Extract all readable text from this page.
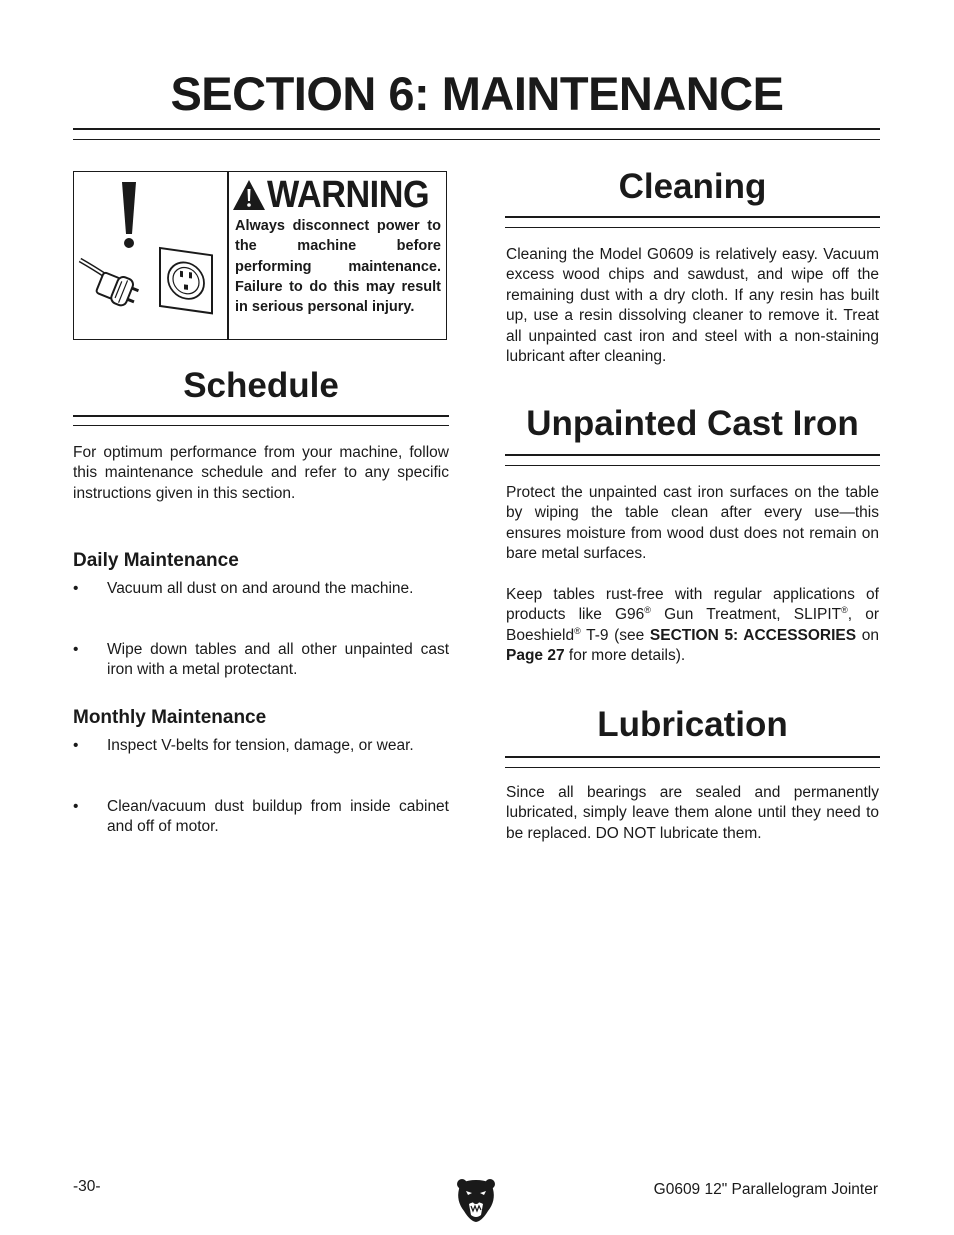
SECTION 6: MAINTENANCE
WARNING
Always disconnect power to the machine before performing maintenance. Failure to do this may result in serious personal injury.
Schedule
For optimum performance from your machine, follow this maintenance schedule and refer to any specific instructions given in this section.
Daily Maintenance
• Vacuum all dust on and around the machine.
• Wipe down tables and all other unpainted cast iron with a metal protectant.
Monthly Maintenance
• Inspect V-belts for tension, damage, or wear.
• Clean/vacuum dust buildup from inside cabinet and off of motor.
Cleaning
Cleaning the Model G0609 is relatively easy. Vacuum excess wood chips and sawdust, and wipe off the remaining dust with a dry cloth. If any resin has built up, use a resin dissolving cleaner to remove it. Treat all unpainted cast iron and steel with a non-staining lubricant after cleaning.
Unpainted Cast Iron
Protect the unpainted cast iron surfaces on the table by wiping the table clean after every use—this ensures moisture from wood dust does not remain on bare metal surfaces.
Keep tables rust-free with regular applications of products like G96® Gun Treatment, SLIPIT®, or Boeshield® T-9 (see SECTION 5: ACCESSORIES on Page 27 for more details).
Lubrication
Since all bearings are sealed and permanently lubricated, simply leave them alone until they need to be replaced. DO NOT lubricate them.
-30-	G0609 12" Parallelogram Jointer
